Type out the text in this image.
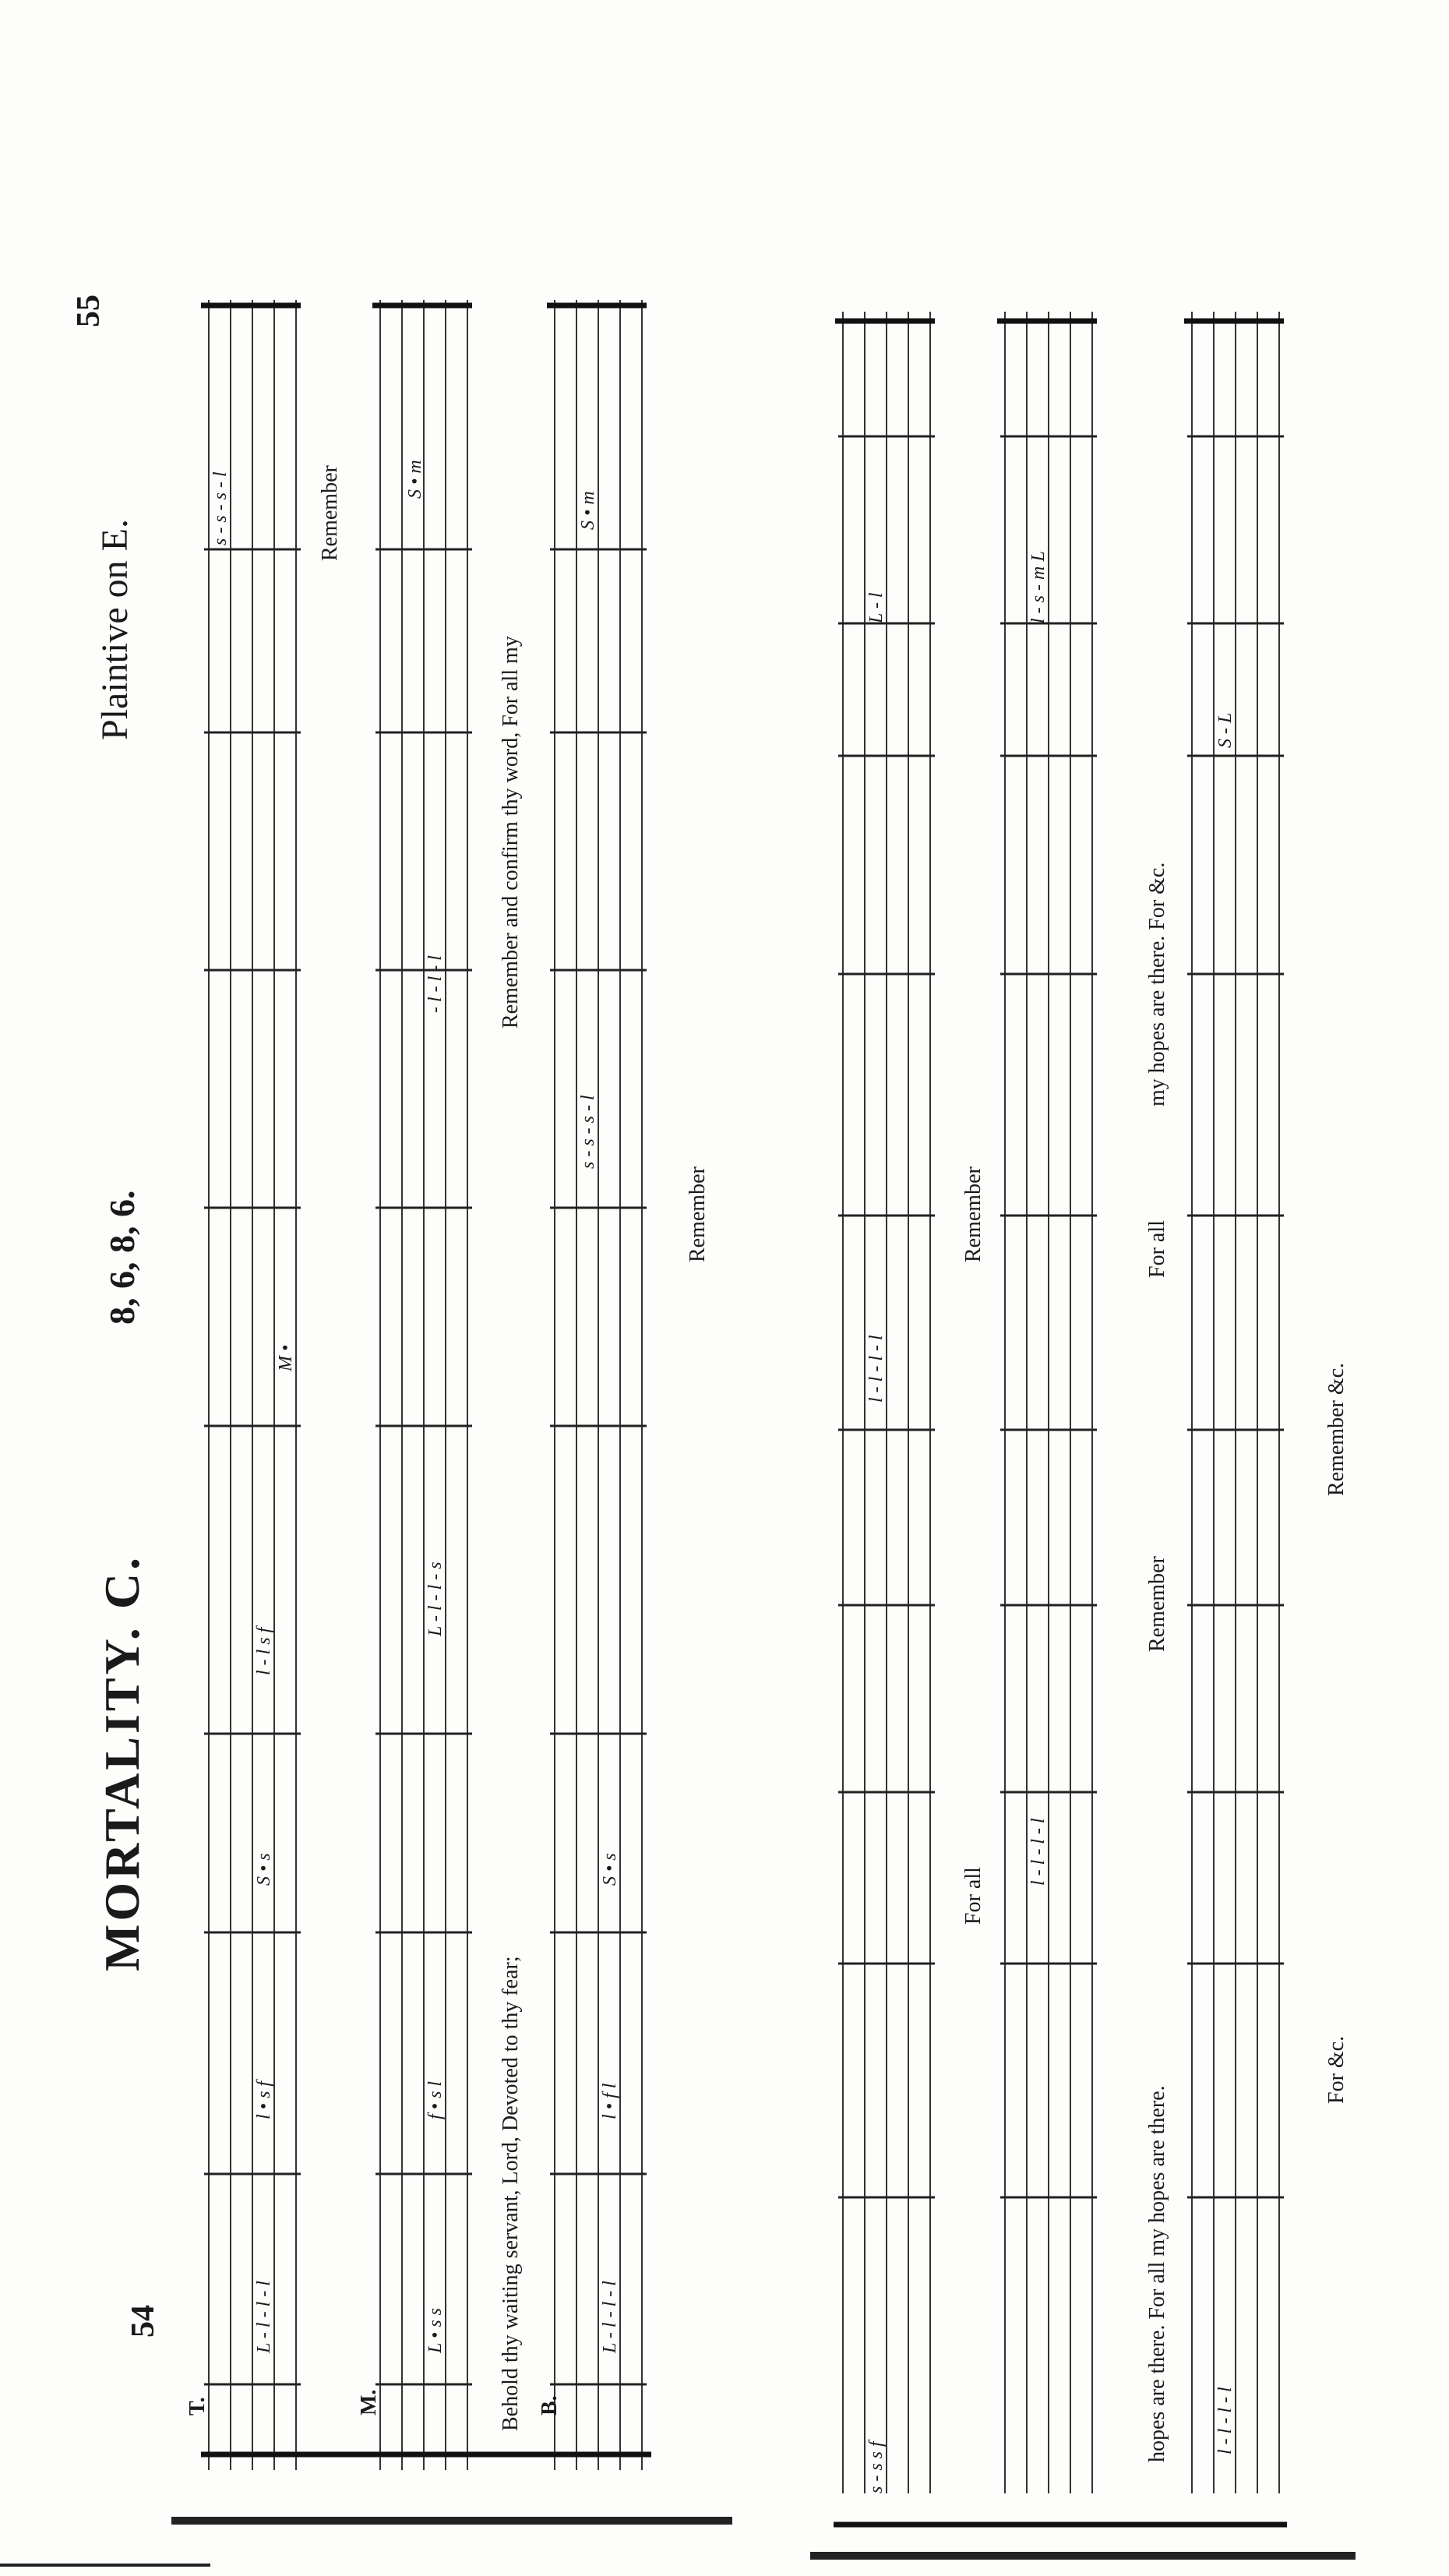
54
MORTALITY. C.
8, 6, 8, 6.
Plaintive on E.
55
T.	M.	B.
L - l - l - l
l • s f
S • s
l - l s f
M •
s - s - s - l
L • s s
f • s l
L - l - l - s
- l - l - l
S • m
L - l - l - l
l • f l
S • s
s - s - s - l
S • m
s - s s f
l - l - l - l
L - l
l - l - l - l
l - s - m L
l - l - l - l
S - L
Remember
Behold thy waiting servant, Lord, Devoted to thy fear;
Remember and confirm thy word, For all my
Remember
For all
Remember
Remember
For all
my hopes are there. For &c.
hopes are there. For all my hopes are there.
Remember &c.
For &c.
